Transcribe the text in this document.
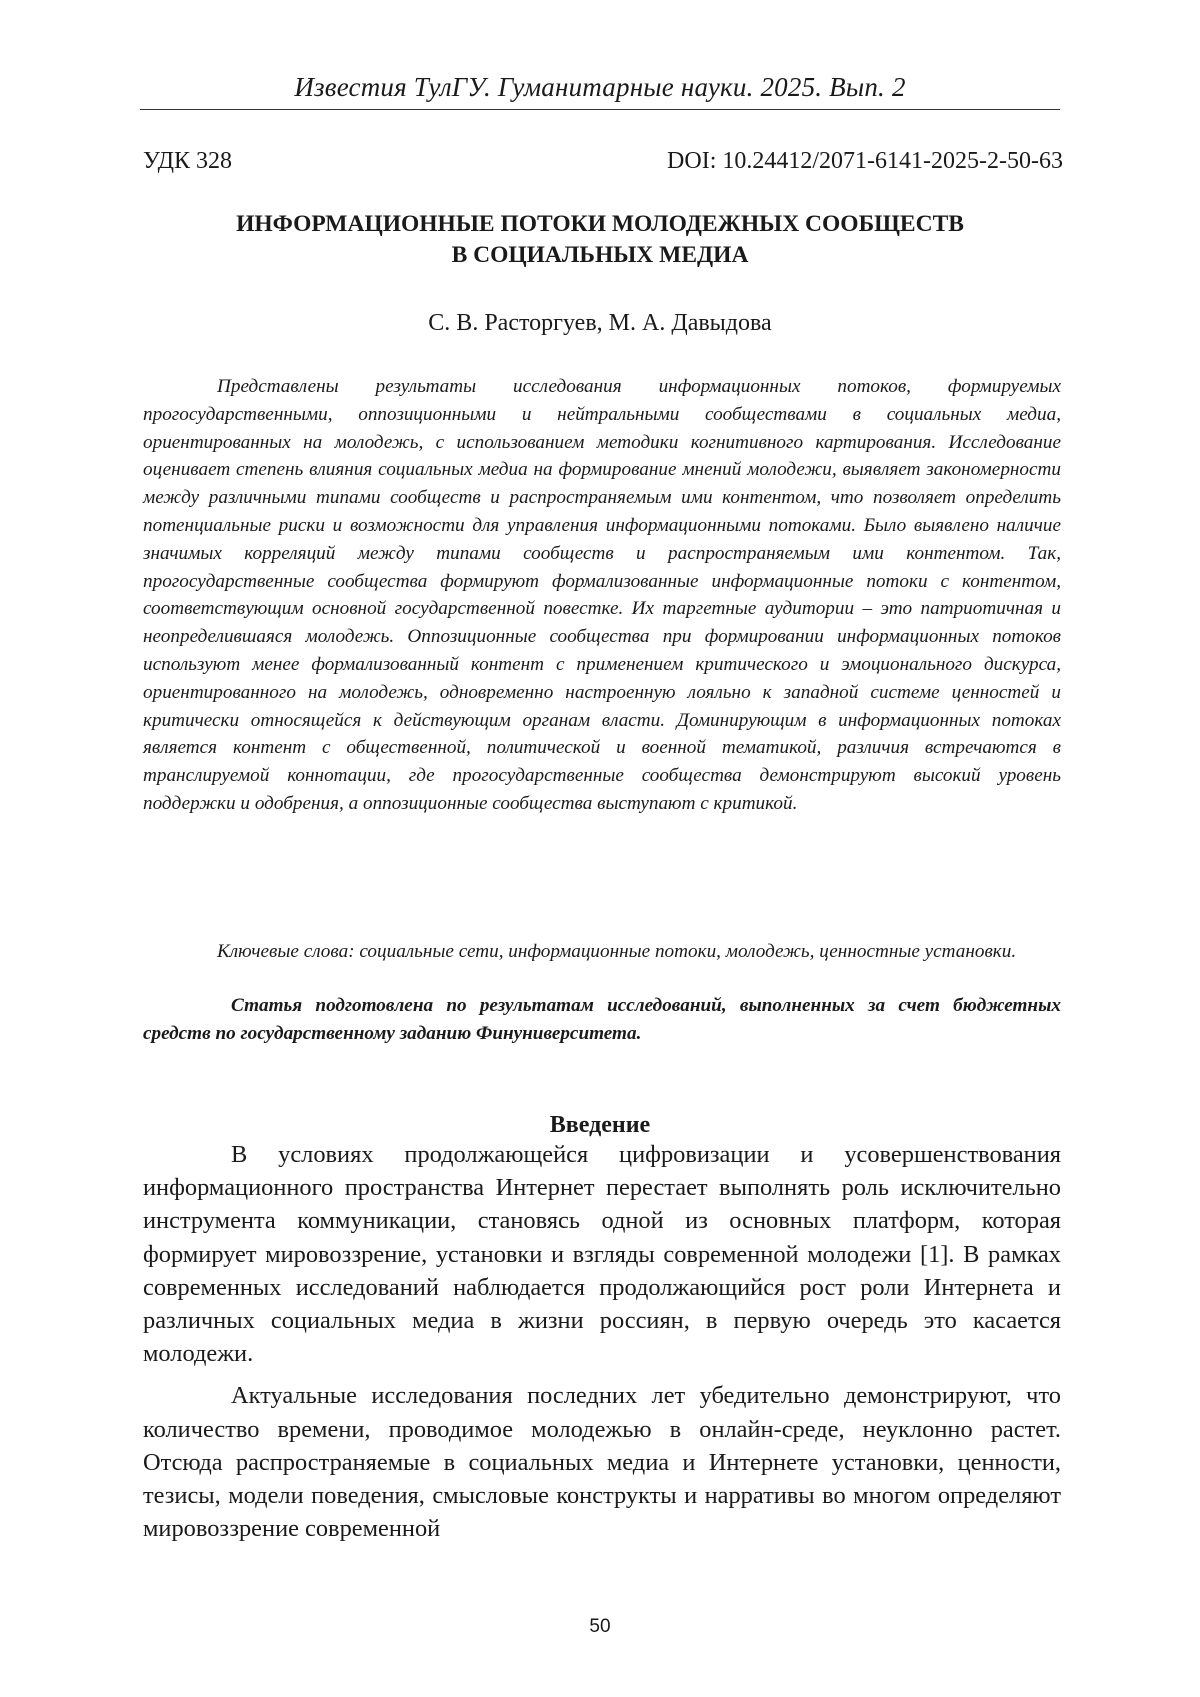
Известия ТулГУ. Гуманитарные науки. 2025. Вып. 2
УДК 328	DOI: 10.24412/2071-6141-2025-2-50-63
ИНФОРМАЦИОННЫЕ ПОТОКИ МОЛОДЕЖНЫХ СООБЩЕСТВ
В СОЦИАЛЬНЫХ МЕДИА
С. В. Расторгуев, М. А. Давыдова

Представлены результаты исследования информационных потоков, формируемых прогосударственными, оппозиционными и нейтральными сообществами в социальных медиа, ориентированных на молодежь, с использованием методики когнитивного картирования. Исследование оценивает степень влияния социальных медиа на формирование мнений молодежи, выявляет закономерности между различными типами сообществ и распространяемым ими контентом, что позволяет определить потенциальные риски и возможности для управления информационными потоками. Было выявлено наличие значимых корреляций между типами сообществ и распространяемым ими контентом. Так, прогосударственные сообщества формируют формализованные информационные потоки с контентом, соответствующим основной государственной повестке. Их таргетные аудитории – это патриотичная и неопределившаяся молодежь. Оппозиционные сообщества при формировании информационных потоков используют менее формализованный контент с применением критического и эмоционального дискурса, ориентированного на молодежь, одновременно настроенную лояльно к западной системе ценностей и критически относящейся к действующим органам власти. Доминирующим в информационных потоках является контент с общественной, политической и военной тематикой, различия встречаются в транслируемой коннотации, где прогосударственные сообщества демонстрируют высокий уровень поддержки и одобрения, а оппозиционные сообщества выступают с критикой.

Ключевые слова: социальные сети, информационные потоки, молодежь, ценностные установки.

Статья подготовлена по результатам исследований, выполненных за счет бюджетных средств по государственному заданию Финуниверситета.

Введение

В условиях продолжающейся цифровизации и усовершенствования информационного пространства Интернет перестает выполнять роль исключительно инструмента коммуникации, становясь одной из основных платформ, которая формирует мировоззрение, установки и взгляды современной молодежи [1]. В рамках современных исследований наблюдается продолжающийся рост роли Интернета и различных социальных медиа в жизни россиян, в первую очередь это касается молодежи.

Актуальные исследования последних лет убедительно демонстрируют, что количество времени, проводимое молодежью в онлайн-среде, неуклонно растет. Отсюда распространяемые в социальных медиа и Интернете установки, ценности, тезисы, модели поведения, смысловые конструкты и нарративы во многом определяют мировоззрение современной

50
